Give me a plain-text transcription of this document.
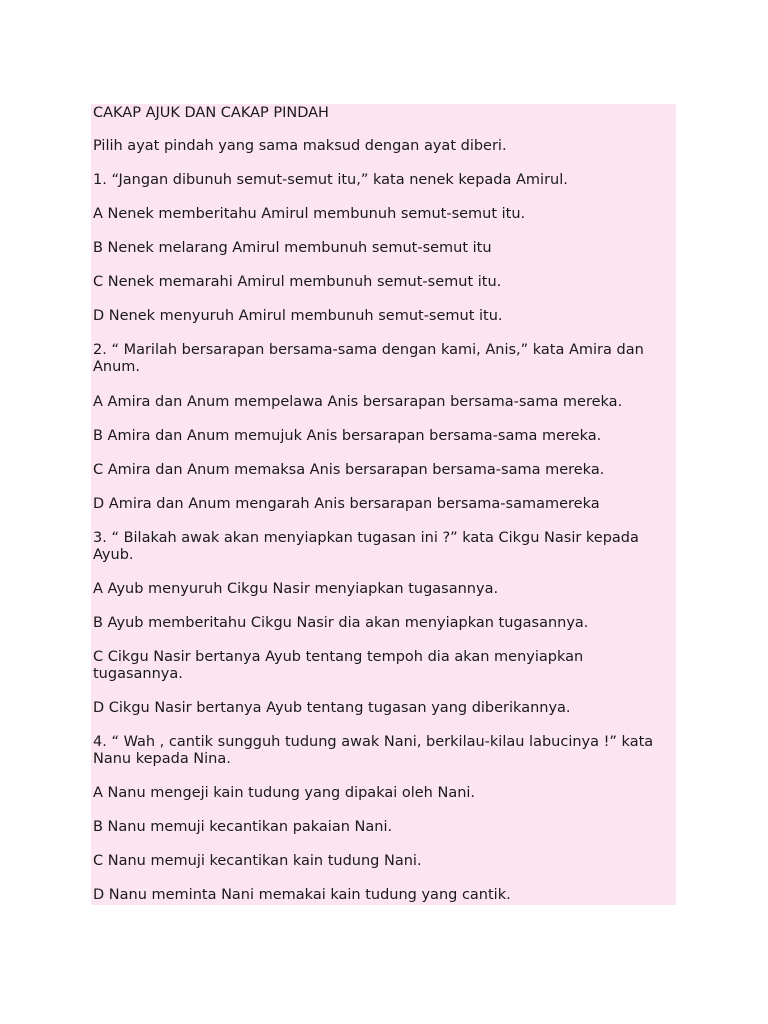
CAKAP AJUK DAN CAKAP PINDAH

Pilih ayat pindah yang sama maksud dengan ayat diberi.

1. “Jangan dibunuh semut-semut itu,” kata nenek kepada Amirul.

A Nenek memberitahu Amirul membunuh semut-semut itu.

B Nenek melarang Amirul membunuh semut-semut itu

C Nenek memarahi Amirul membunuh semut-semut itu.

D Nenek menyuruh Amirul membunuh semut-semut itu.

2. “ Marilah bersarapan bersama-sama dengan kami, Anis,” kata Amira dan Anum.

A Amira dan Anum mempelawa Anis bersarapan bersama-sama mereka.

B Amira dan Anum memujuk Anis bersarapan bersama-sama mereka.

C Amira dan Anum memaksa Anis bersarapan bersama-sama mereka.

D Amira dan Anum mengarah Anis bersarapan bersama-samamereka

3. “ Bilakah awak akan menyiapkan tugasan ini ?” kata Cikgu Nasir kepada Ayub.

A Ayub menyuruh Cikgu Nasir menyiapkan tugasannya.

B Ayub memberitahu Cikgu Nasir dia akan menyiapkan tugasannya.

C Cikgu Nasir bertanya Ayub tentang tempoh dia akan menyiapkan tugasannya.

D Cikgu Nasir bertanya Ayub tentang tugasan yang diberikannya.

4. “ Wah , cantik sungguh tudung awak Nani, berkilau-kilau labucinya !” kata Nanu kepada Nina.

A Nanu mengeji kain tudung yang dipakai oleh Nani.

B Nanu memuji kecantikan pakaian Nani.

C Nanu memuji kecantikan kain tudung Nani.

D Nanu meminta Nani memakai kain tudung yang cantik.
